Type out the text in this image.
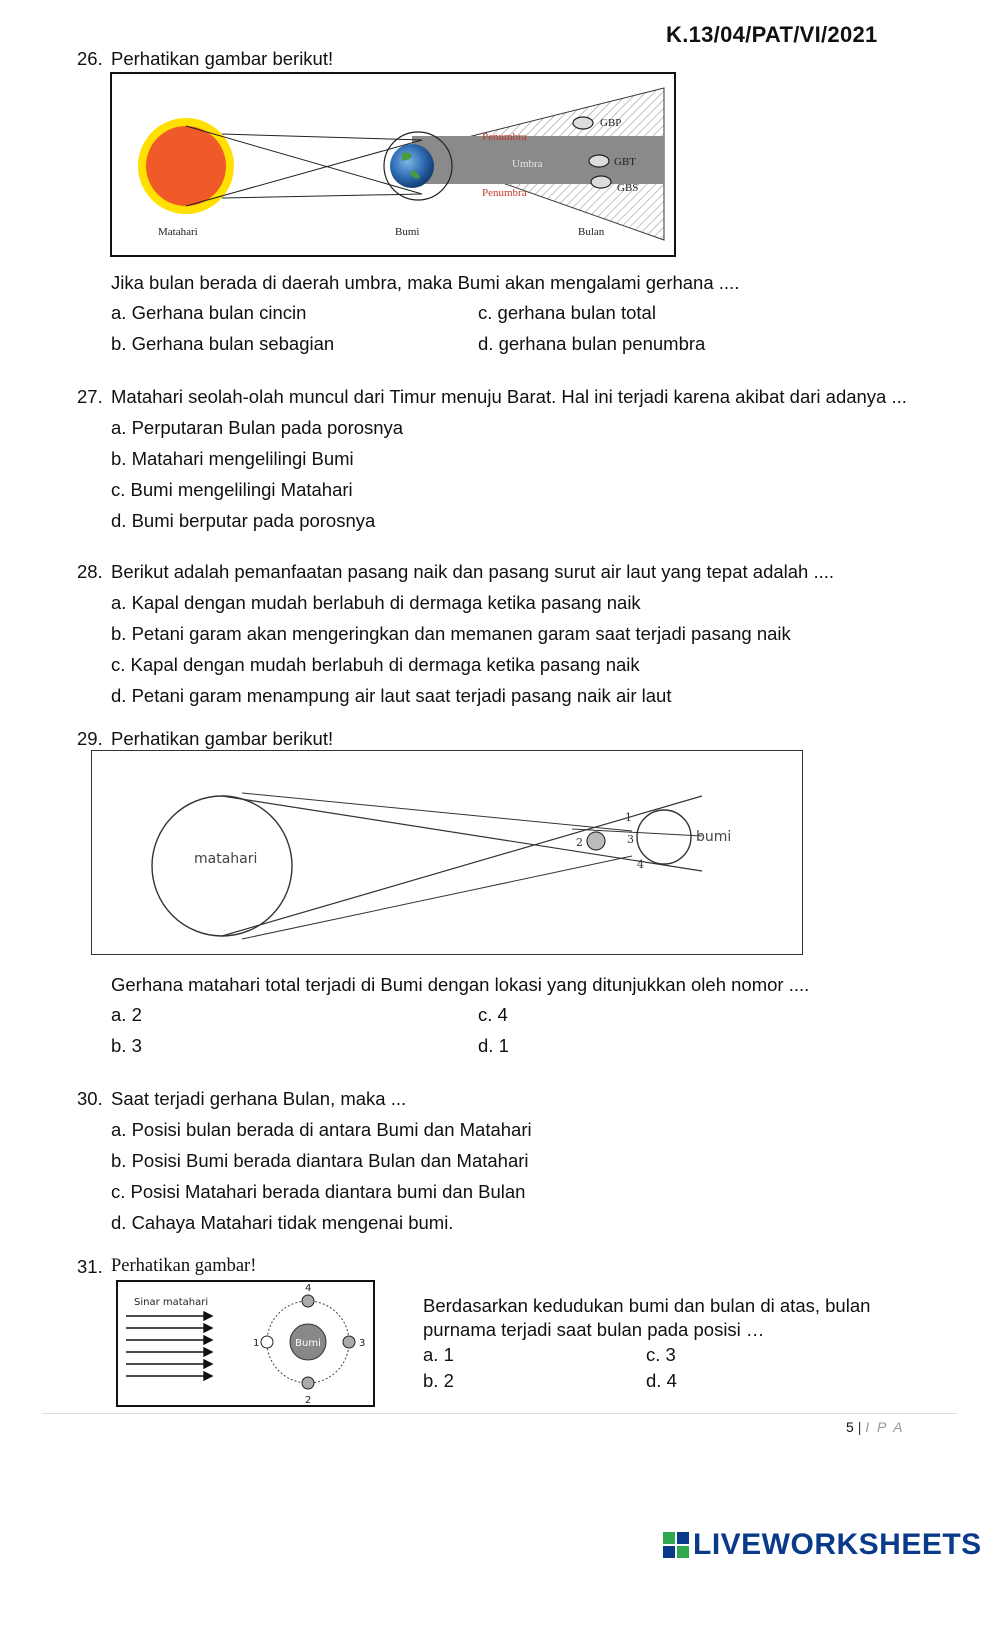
K.13/04/PAT/VI/2021
26. Perhatikan gambar berikut!
Penumbra
Umbra
Penumbra
GBP
GBT
GBS
Matahari	Bumi	Bulan
Jika bulan berada di daerah umbra, maka Bumi akan mengalami gerhana ....
a. Gerhana bulan cincin	c. gerhana bulan total
b. Gerhana bulan sebagian	d. gerhana bulan penumbra
27. Matahari seolah-olah muncul dari Timur menuju Barat. Hal ini terjadi karena akibat dari adanya ...
a. Perputaran Bulan pada porosnya
b. Matahari mengelilingi Bumi
c. Bumi mengelilingi Matahari
d. Bumi berputar pada porosnya
28. Berikut adalah pemanfaatan pasang naik dan pasang surut air laut yang tepat adalah ....
a. Kapal dengan mudah berlabuh di dermaga ketika pasang naik
b. Petani garam akan mengeringkan dan memanen garam saat terjadi pasang naik
c. Kapal dengan mudah berlabuh di dermaga ketika pasang naik
d. Petani garam menampung air laut saat terjadi pasang naik air laut
29. Perhatikan gambar berikut!
matahari
bumi
1
2	3
4
Gerhana matahari total terjadi di Bumi dengan lokasi yang ditunjukkan oleh nomor ....
a. 2	c. 4
b. 3	d. 1
30. Saat terjadi gerhana Bulan, maka ...
a. Posisi bulan berada di antara Bumi dan Matahari
b. Posisi Bumi berada diantara Bulan dan Matahari
c. Posisi Matahari berada diantara bumi dan Bulan
d. Cahaya Matahari tidak mengenai bumi.
31. Perhatikan gambar!
Sinar matahari
Bumi
4
1	3
2
Berdasarkan kedudukan bumi dan bulan di atas, bulan
purnama terjadi saat bulan pada posisi …
a. 1	c. 3
b. 2	d. 4
5 | I P A
LIVEWORKSHEETS
